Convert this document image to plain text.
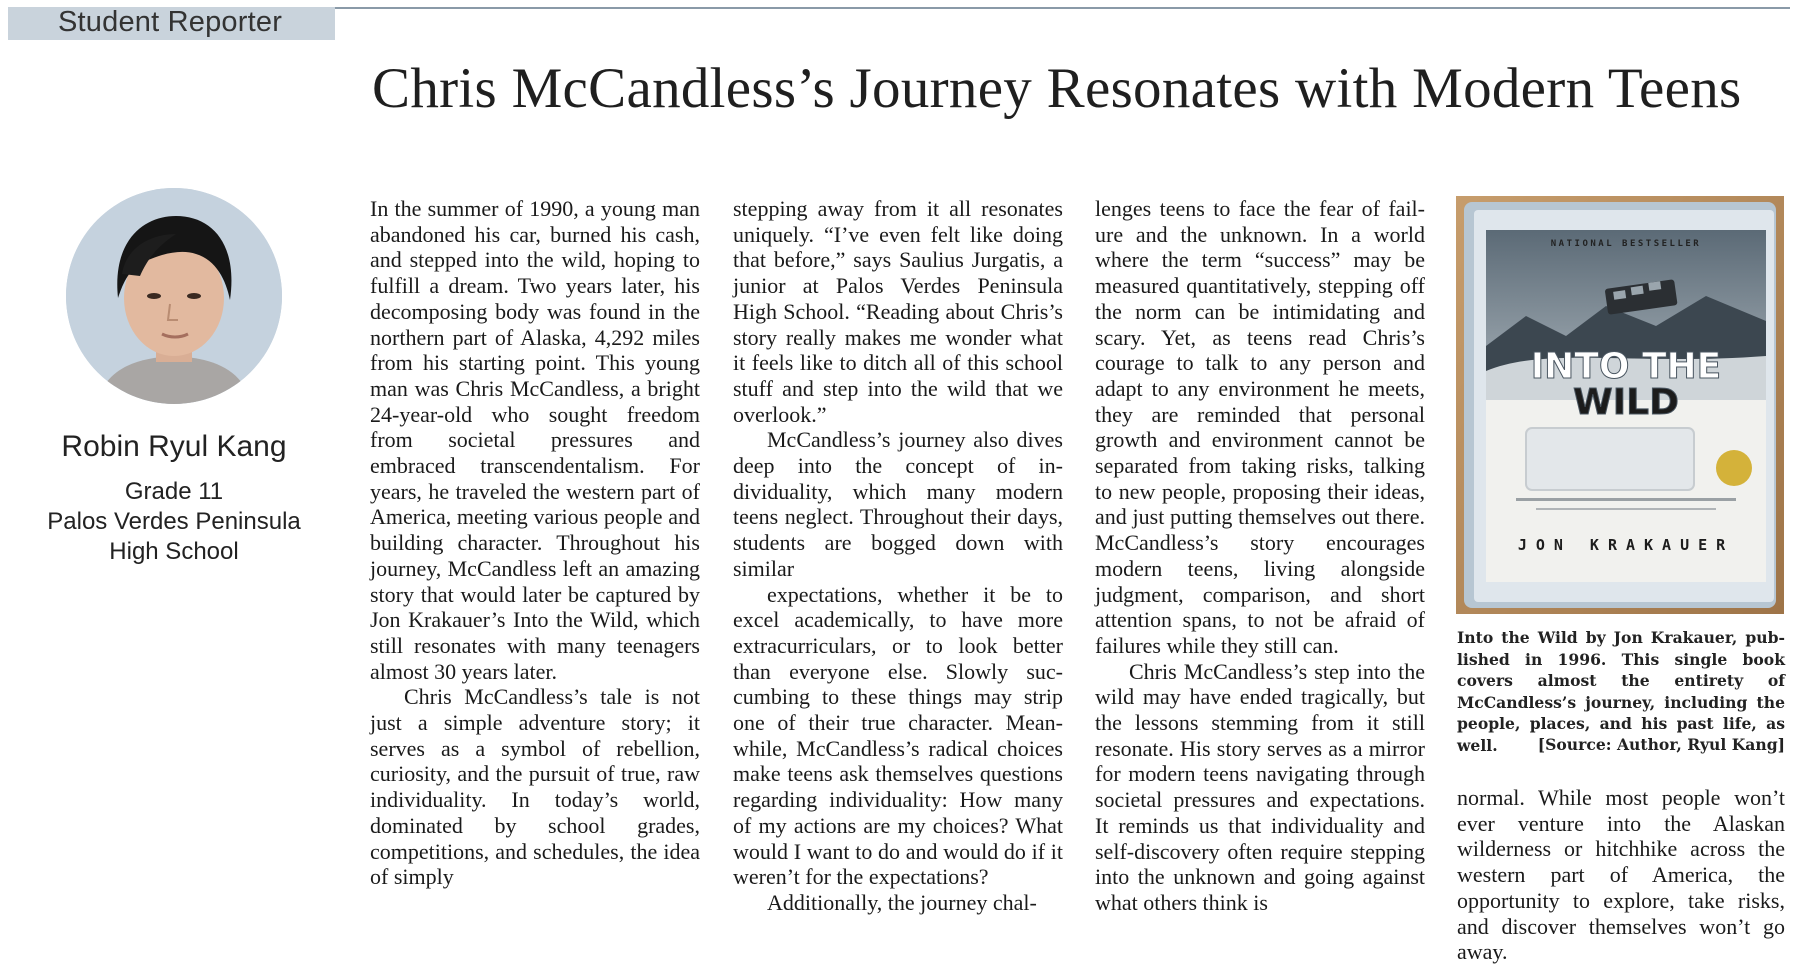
Student Reporter
Chris McCandless’s Journey Resonates with Modern Teens
Robin Ryul Kang
Grade 11
Palos Verdes Peninsula
High School

In the summer of 1990, a young man abandoned his car, burned his cash, and stepped into the wild, hoping to fulfill a dream. Two years later, his decomposing body was found in the northern part of Alaska, 4,292 miles from his starting point. This young man was Chris McCandless, a bright 24-year-old who sought freedom from societal pressures and embraced transcendentalism. For years, he traveled the western part of America, meeting various people and building character. Throughout his journey, McCandless left an amazing story that would later be captured by Jon Krakauer’s Into the Wild, which still resonates with many teenagers almost 30 years later.

Chris McCandless’s tale is not just a simple adventure story; it serves as a symbol of rebellion, curiosity, and the pursuit of true, raw individuality. In today’s world, dominated by school grades, competitions, and schedules, the idea of simply

stepping away from it all resonates uniquely. “I’ve even felt like doing that before,” says Saulius Jurgatis, a junior at Palos Verdes Peninsula High School. “Reading about Chris’s story really makes me wonder what it feels like to ditch all of this school stuff and step into the wild that we overlook.”

McCandless’s journey also dives deep into the concept of individuality, which many modern teens neglect. Throughout their days, students are bogged down with similar

expectations, whether it be to excel academically, to have more extracurriculars, or to look better than everyone else. Slowly succumbing to these things may strip one of their true character. Meanwhile, McCandless’s radical choices make teens ask themselves questions regarding individuality: How many of my actions are my choices? What would I want to do and would do if it weren’t for the expectations?

Additionally, the journey chal-

lenges teens to face the fear of failure and the unknown. In a world where the term “success” may be measured quantitatively, stepping off the norm can be intimidating and scary. Yet, as teens read Chris’s courage to talk to any person and adapt to any environment he meets, they are reminded that personal growth and environment cannot be separated from taking risks, talking to new people, proposing their ideas, and just putting themselves out there. McCandless’s story encourages modern teens, living alongside judgment, comparison, and short attention spans, to not be afraid of failures while they still can.

Chris McCandless’s step into the wild may have ended tragically, but the lessons stemming from it still resonate. His story serves as a mirror for modern teens navigating through societal pressures and expectations. It reminds us that individuality and self-discovery often require stepping into the unknown and going against what others think is

NATIONAL BESTSELLER
INTO THE
WILD
JON KRAKAUER

Into the Wild by Jon Krakauer, published in 1996. This single book covers almost the entirety of McCandless’s journey, including the people, places, and his past life, as well.	[Source: Author, Ryul Kang]

normal. While most people won’t ever venture into the Alaskan wilderness or hitchhike across the western part of America, the opportunity to explore, take risks, and discover themselves won’t go away.
